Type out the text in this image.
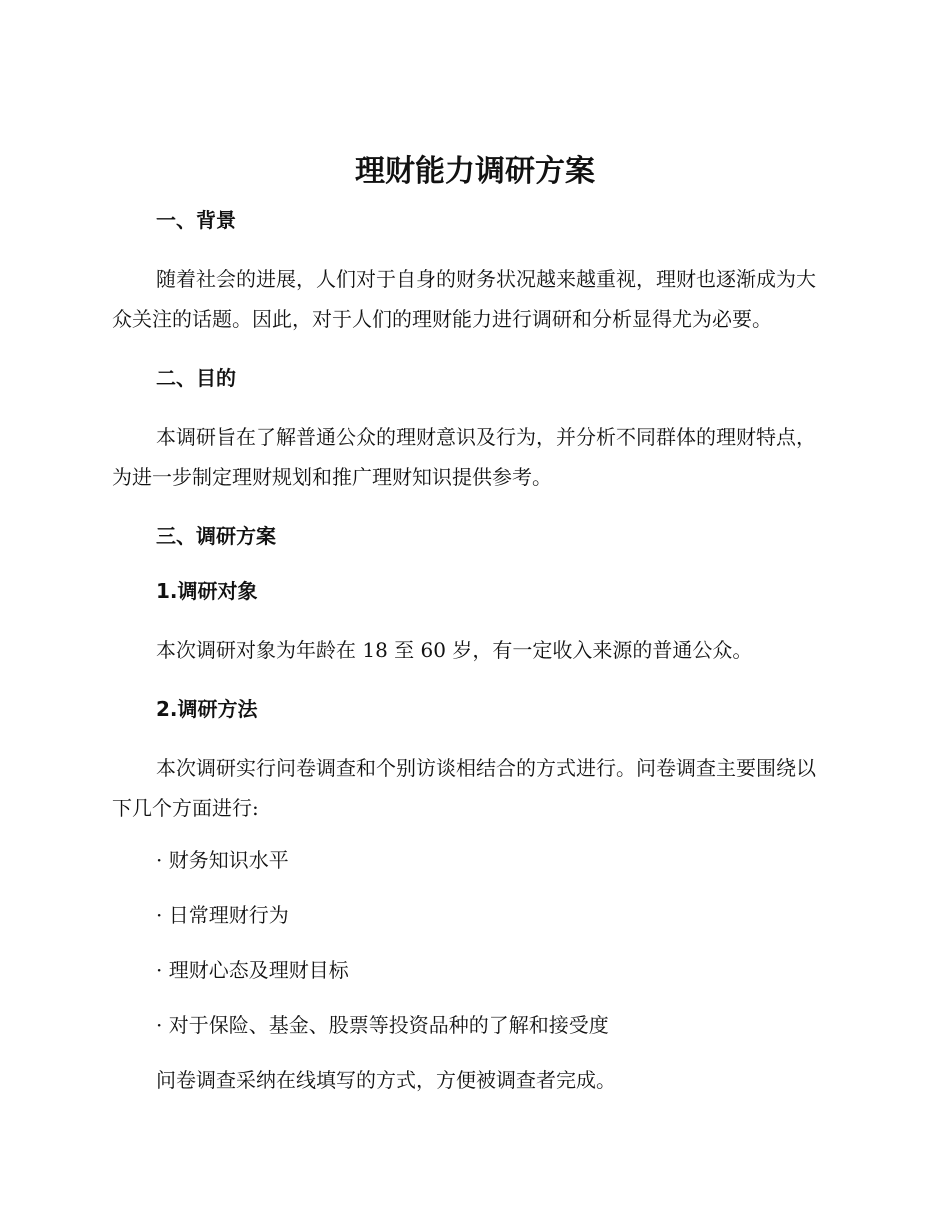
理财能力调研方案
一、背景

随着社会的进展，人们对于自身的财务状况越来越重视，理财也逐渐成为大众关注的话题。因此，对于人们的理财能力进行调研和分析显得尤为必要。

二、目的

本调研旨在了解普通公众的理财意识及行为，并分析不同群体的理财特点，为进一步制定理财规划和推广理财知识提供参考。

三、调研方案
1.调研对象

本次调研对象为年龄在 18 至 60 岁，有一定收入来源的普通公众。

2.调研方法

本次调研实行问卷调查和个别访谈相结合的方式进行。问卷调查主要围绕以下几个方面进行:

· 财务知识水平
· 日常理财行为
· 理财心态及理财目标
· 对于保险、基金、股票等投资品种的了解和接受度
问卷调查采纳在线填写的方式，方便被调查者完成。
